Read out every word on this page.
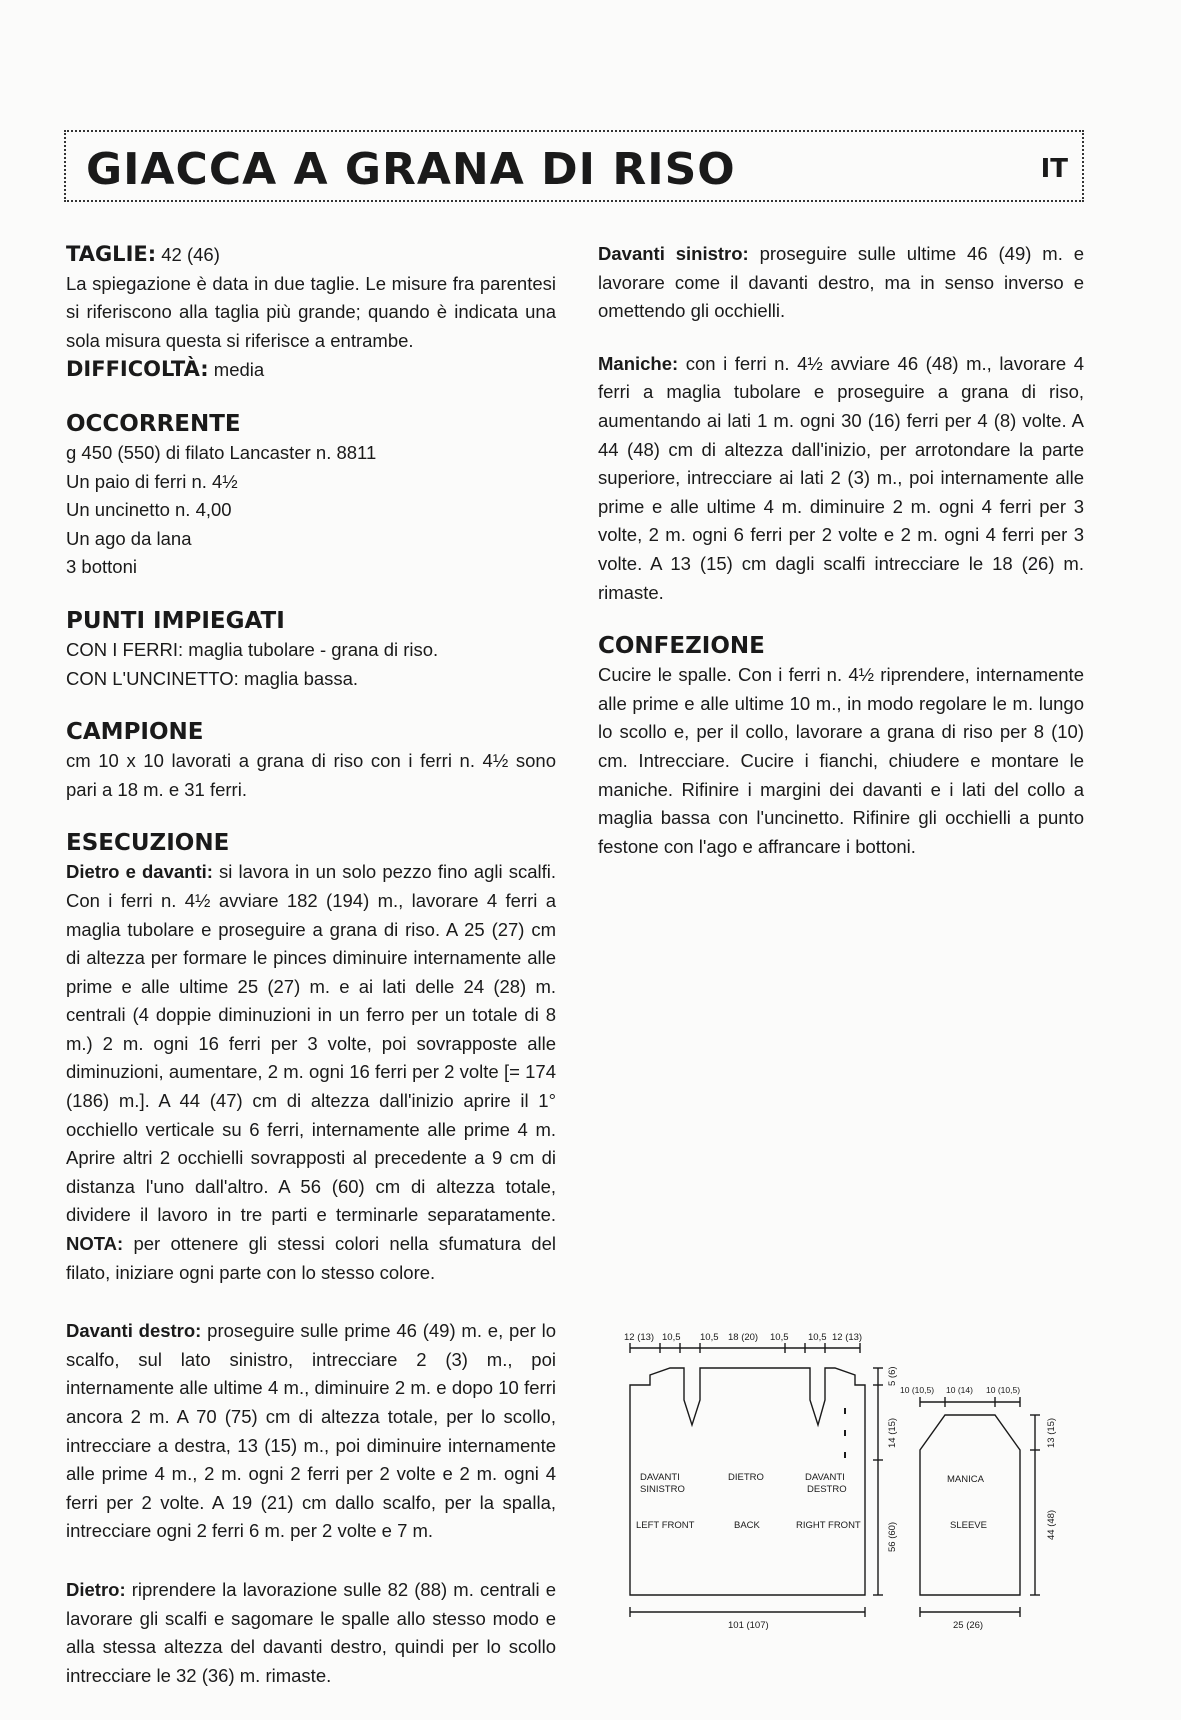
GIACCA A GRANA DI RISO	IT

TAGLIE: 42 (46)

La spiegazione è data in due taglie. Le misure fra parentesi si riferiscono alla taglia più grande; quando è indicata una sola misura questa si riferisce a entrambe.

DIFFICOLTÀ: media

OCCORRENTE

g 450 (550) di filato Lancaster n. 8811

Un paio di ferri n. 4½

Un uncinetto n. 4,00

Un ago da lana

3 bottoni

PUNTI IMPIEGATI

CON I FERRI: maglia tubolare - grana di riso.

CON L'UNCINETTO: maglia bassa.

CAMPIONE

cm 10 x 10 lavorati a grana di riso con i ferri n. 4½ sono pari a 18 m. e 31 ferri.

ESECUZIONE

Dietro e davanti: si lavora in un solo pezzo fino agli scalfi. Con i ferri n. 4½ avviare 182 (194) m., lavorare 4 ferri a maglia tubolare e proseguire a grana di riso. A 25 (27) cm di altezza per formare le pinces diminuire internamente alle prime e alle ultime 25 (27) m. e ai lati delle 24 (28) m. centrali (4 doppie diminuzioni in un ferro per un totale di 8 m.) 2 m. ogni 16 ferri per 3 volte, poi sovrapposte alle diminuzioni, aumentare, 2 m. ogni 16 ferri per 2 volte [= 174 (186) m.]. A 44 (47) cm di altezza dall'inizio aprire il 1° occhiello verticale su 6 ferri, internamente alle prime 4 m. Aprire altri 2 occhielli sovrapposti al precedente a 9 cm di distanza l'uno dall'altro. A 56 (60) cm di altezza totale, dividere il lavoro in tre parti e terminarle separatamente. NOTA: per ottenere gli stessi colori nella sfumatura del filato, iniziare ogni parte con lo stesso colore.

Davanti destro: proseguire sulle prime 46 (49) m. e, per lo scalfo, sul lato sinistro, intrecciare 2 (3) m., poi internamente alle ultime 4 m., diminuire 2 m. e dopo 10 ferri ancora 2 m. A 70 (75) cm di altezza totale, per lo scollo, intrecciare a destra, 13 (15) m., poi diminuire internamente alle prime 4 m., 2 m. ogni 2 ferri per 2 volte e 2 m. ogni 4 ferri per 2 volte. A 19 (21) cm dallo scalfo, per la spalla, intrecciare ogni 2 ferri 6 m. per 2 volte e 7 m.

Dietro: riprendere la lavorazione sulle 82 (88) m. centrali e lavorare gli scalfi e sagomare le spalle allo stesso modo e alla stessa altezza del davanti destro, quindi per lo scollo intrecciare le 32 (36) m. rimaste.

Davanti sinistro: proseguire sulle ultime 46 (49) m. e lavorare come il davanti destro, ma in senso inverso e omettendo gli occhielli.

Maniche: con i ferri n. 4½ avviare 46 (48) m., lavorare 4 ferri a maglia tubolare e proseguire a grana di riso, aumentando ai lati 1 m. ogni 30 (16) ferri per 4 (8) volte. A 44 (48) cm di altezza dall'inizio, per arrotondare la parte superiore, intrecciare ai lati 2 (3) m., poi internamente alle prime e alle ultime 4 m. diminuire 2 m. ogni 4 ferri per 3 volte, 2 m. ogni 6 ferri per 2 volte e 2 m. ogni 4 ferri per 3 volte. A 13 (15) cm dagli scalfi intrecciare le 18 (26) m. rimaste.

CONFEZIONE

Cucire le spalle. Con i ferri n. 4½ riprendere, internamente alle prime e alle ultime 10 m., in modo regolare le m. lungo lo scollo e, per il collo, lavorare a grana di riso per 8 (10) cm. Intrecciare. Cucire i fianchi, chiudere e montare le maniche. Rifinire i margini dei davanti e i lati del collo a maglia bassa con l'uncinetto. Rifinire gli occhielli a punto festone con l'ago e affrancare i bottoni.

12 (13) 10,5 10,5 18 (20) 10,5 10,5 12 (13)
DAVANTI
SINISTRO
LEFT FRONT
DIETRO
BACK
DAVANTI
DESTRO
RIGHT FRONT
101 (107)
5 (6)
14 (15)
56 (60)
10 (10,5) 10 (14) 10 (10,5)
MANICA
SLEEVE
13 (15)
44 (48)
25 (26)
